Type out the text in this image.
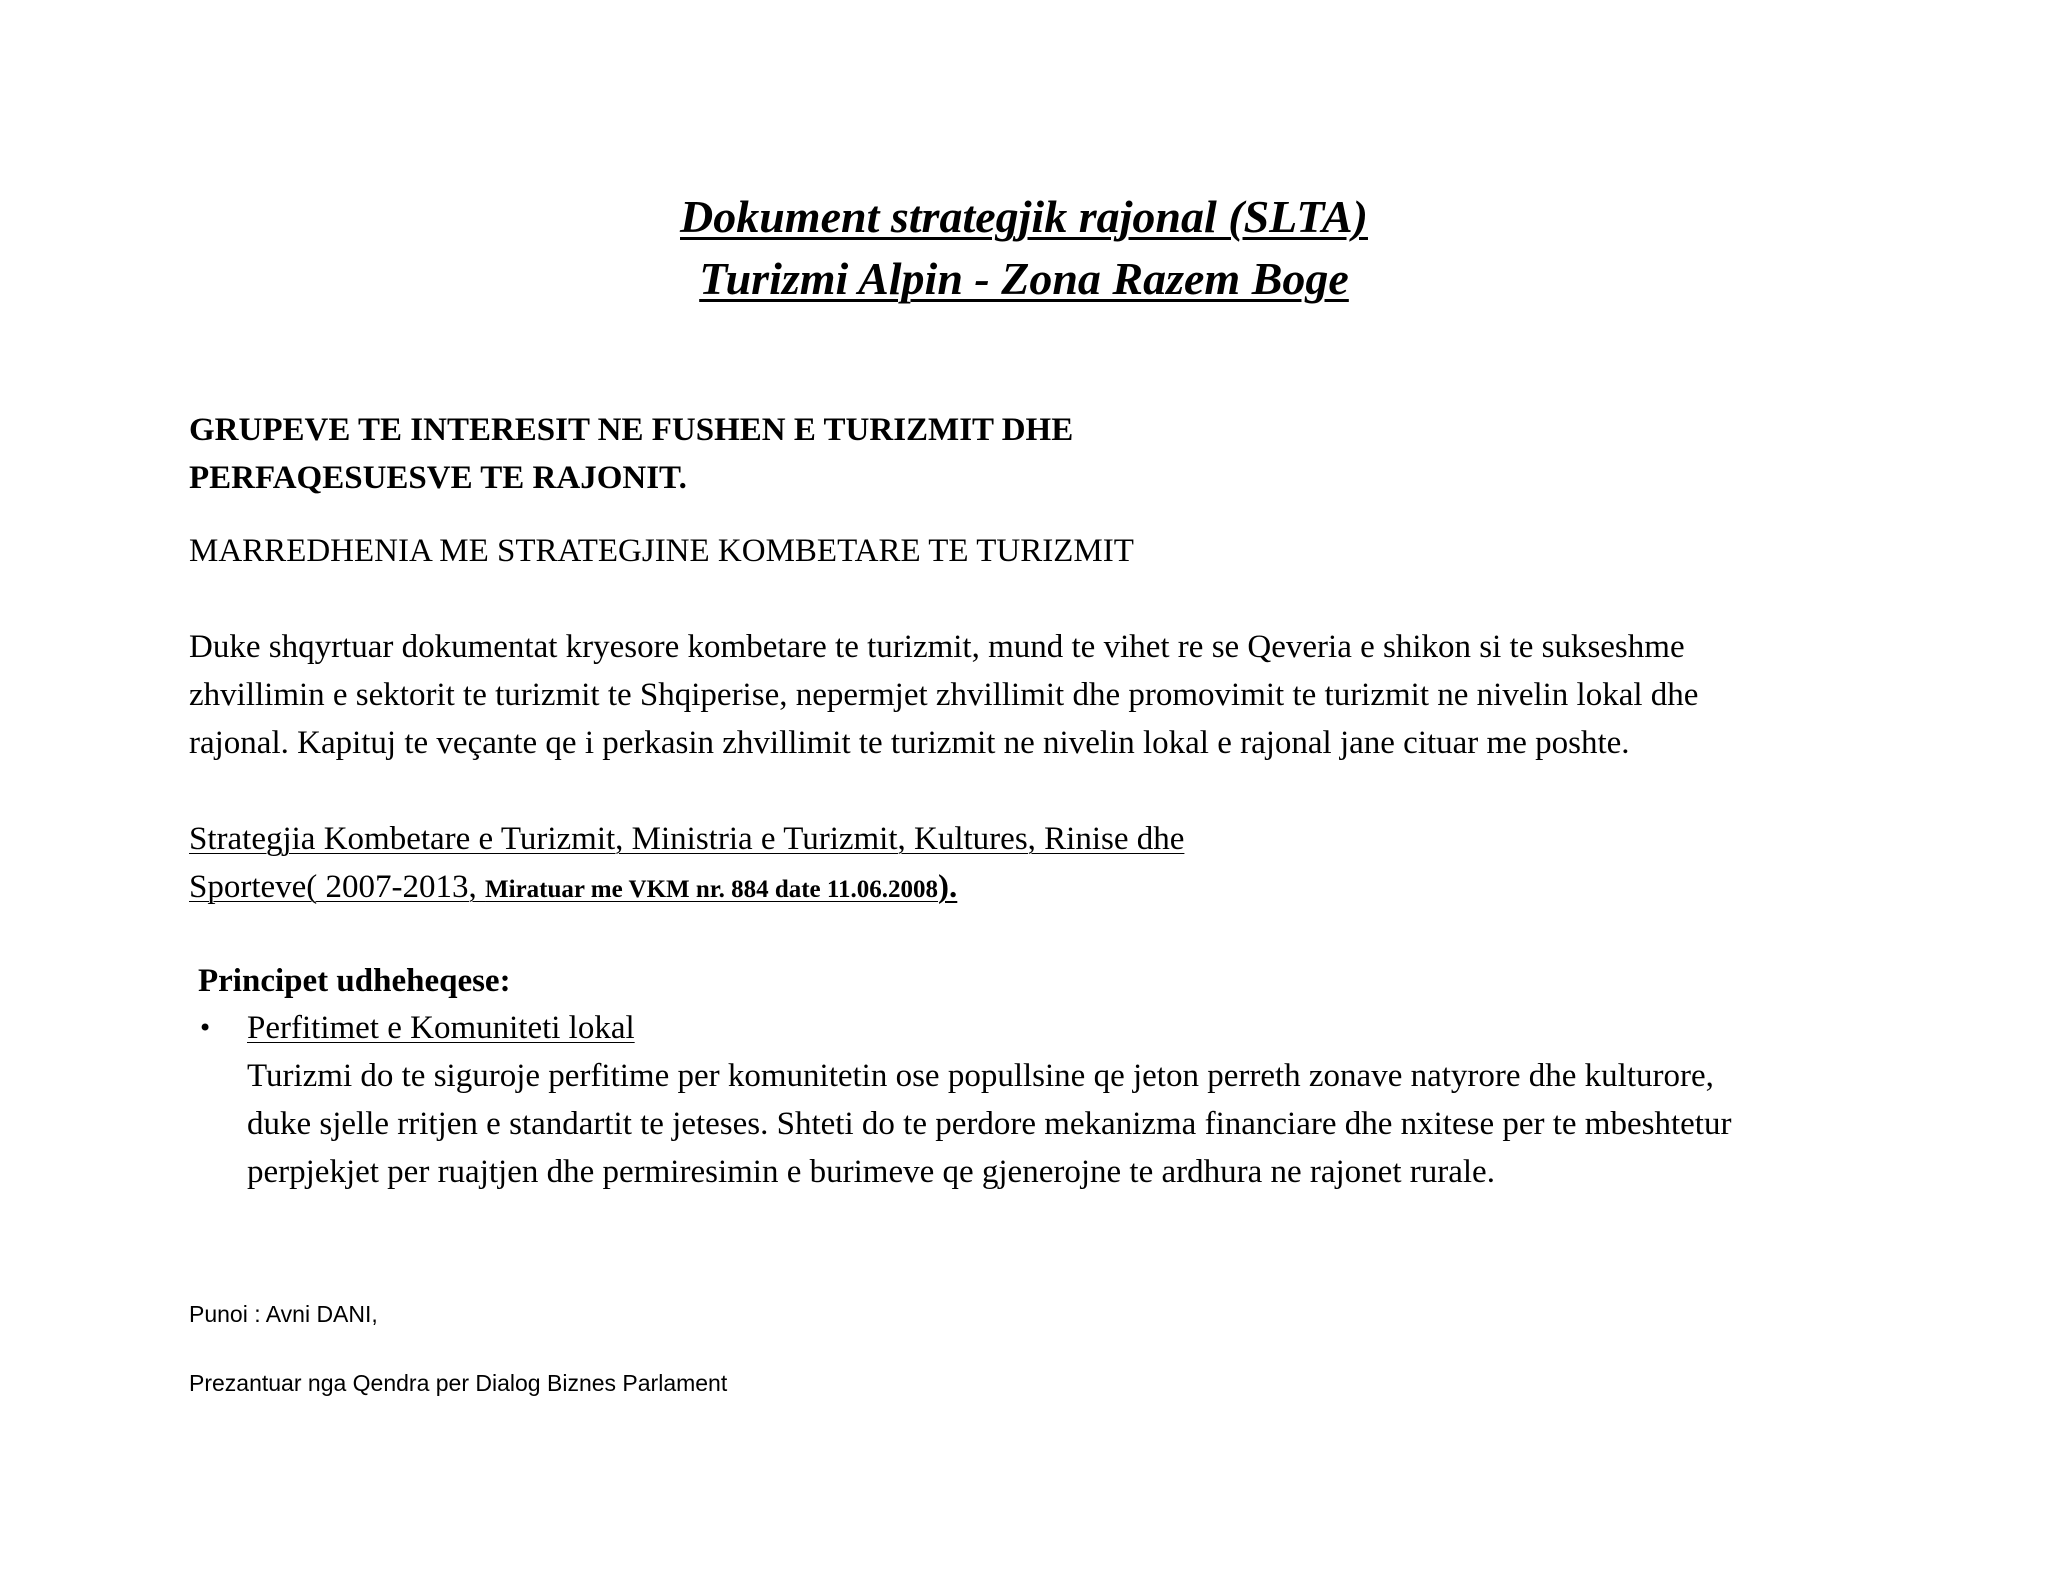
Dokument strategjik rajonal (SLTA)
Turizmi Alpin - Zona Razem Boge
GRUPEVE TE INTERESIT NE FUSHEN E TURIZMIT DHE
PERFAQESUESVE TE RAJONIT.
MARREDHENIA ME STRATEGJINE KOMBETARE TE TURIZMIT
Duke shqyrtuar dokumentat kryesore kombetare te turizmit, mund te vihet re se Qeveria e shikon si te sukseshme
zhvillimin e sektorit te turizmit te Shqiperise, nepermjet zhvillimit dhe promovimit te turizmit ne nivelin lokal dhe
rajonal. Kapituj te veçante qe i perkasin zhvillimit te turizmit ne nivelin lokal e rajonal jane cituar me poshte.
Strategjia Kombetare e Turizmit, Ministria e Turizmit, Kultures, Rinise dhe
Sporteve( 2007-2013, Miratuar me VKM nr. 884 date 11.06.2008).
Principet udheheqese:
•	Perfitimet e Komuniteti lokal
Turizmi do te siguroje perfitime per komunitetin ose popullsine qe jeton perreth zonave natyrore dhe kulturore,
duke sjelle rritjen e standartit te jeteses. Shteti do te perdore mekanizma financiare dhe nxitese per te mbeshtetur
perpjekjet per ruajtjen dhe permiresimin e burimeve qe gjenerojne te ardhura ne rajonet rurale.
Punoi : Avni DANI,
Prezantuar nga Qendra per Dialog Biznes Parlament
